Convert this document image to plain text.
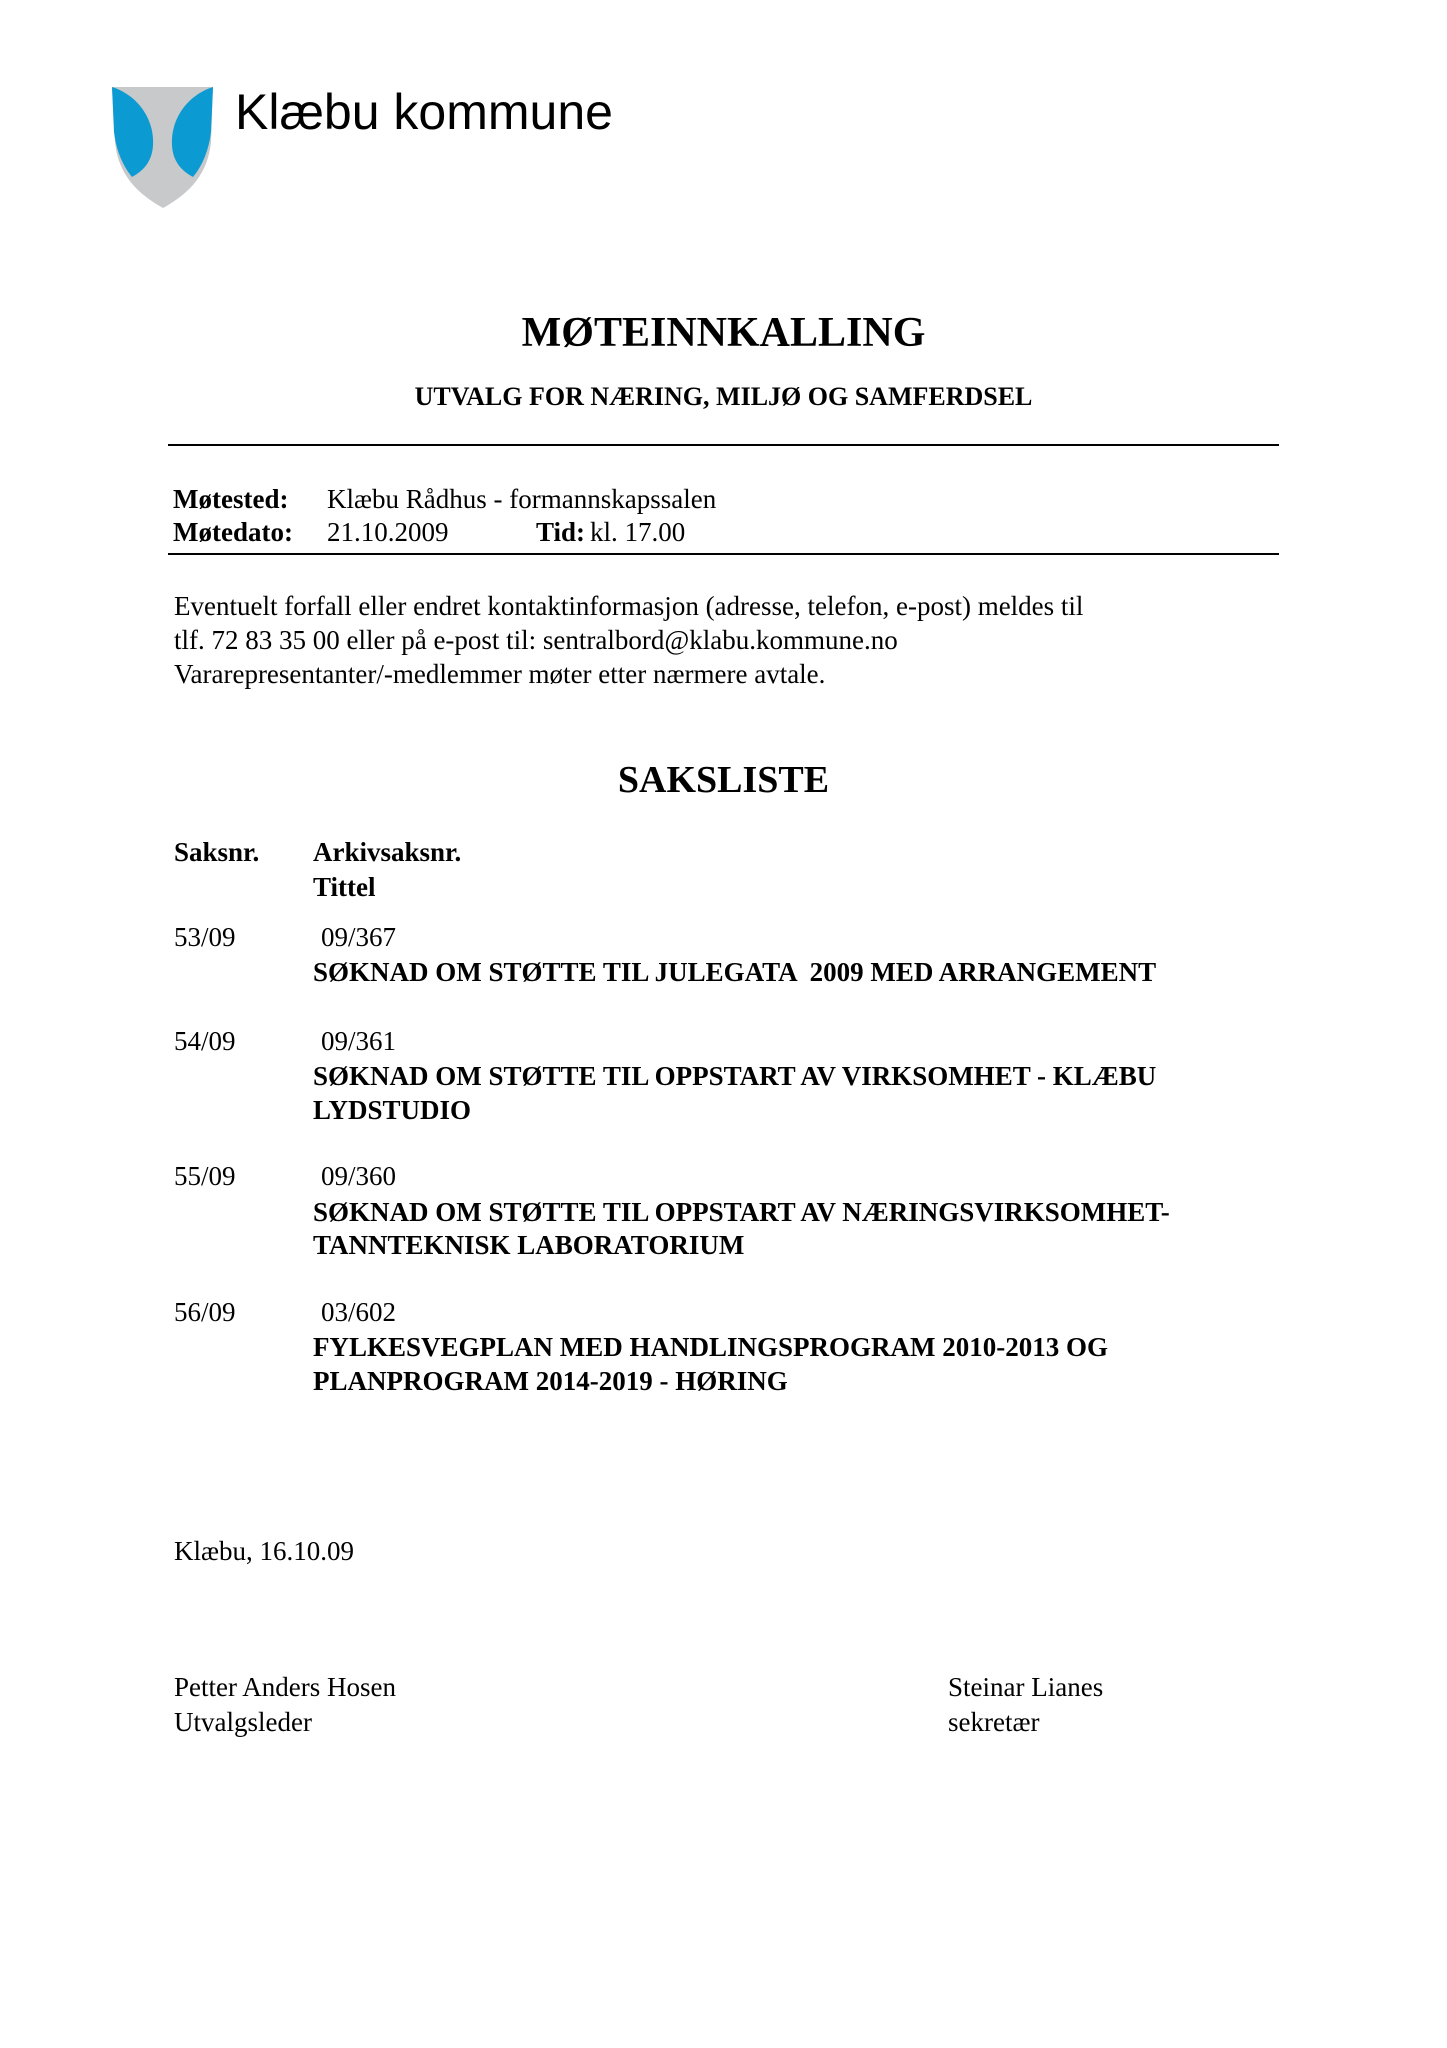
Klæbu kommune
MØTEINNKALLING
UTVALG FOR NÆRING, MILJØ OG SAMFERDSEL
Møtested: Klæbu Rådhus - formannskapssalen
Møtedato: 21.10.2009	Tid: kl. 17.00
Eventuelt forfall eller endret kontaktinformasjon (adresse, telefon, e-post) meldes til
tlf. 72 83 35 00 eller på e-post til: sentralbord@klabu.kommune.no
Vararepresentanter/-medlemmer møter etter nærmere avtale.
SAKSLISTE
Saksnr. Arkivsaksnr.
Tittel
53/09	09/367
SØKNAD OM STØTTE TIL JULEGATA  2009 MED ARRANGEMENT
54/09	09/361
SØKNAD OM STØTTE TIL OPPSTART AV VIRKSOMHET - KLÆBU
LYDSTUDIO
55/09	09/360
SØKNAD OM STØTTE TIL OPPSTART AV NÆRINGSVIRKSOMHET-
TANNTEKNISK LABORATORIUM
56/09	03/602
FYLKESVEGPLAN MED HANDLINGSPROGRAM 2010-2013 OG
PLANPROGRAM 2014-2019 - HØRING
Klæbu, 16.10.09
Petter Anders Hosen
Utvalgsleder
Steinar Lianes
sekretær
